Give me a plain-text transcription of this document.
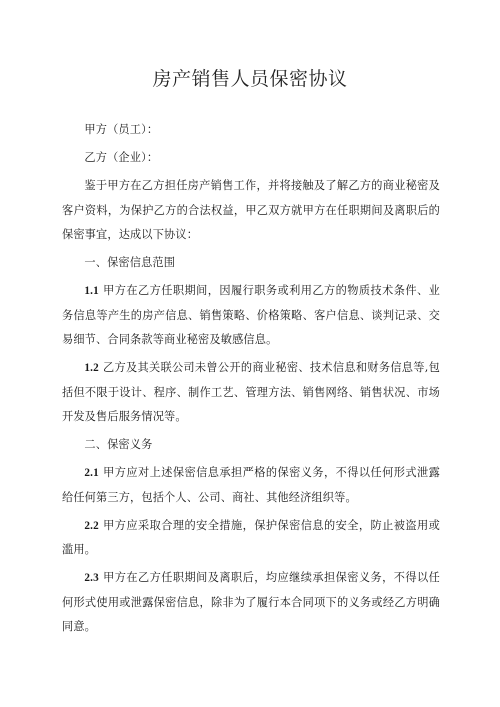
房产销售人员保密协议

甲方（员工）：

乙方（企业）：

鉴于甲方在乙方担任房产销售工作，并将接触及了解乙方的商业秘密及客户资料，为保护乙方的合法权益，甲乙双方就甲方在任职期间及离职后的保密事宜，达成以下协议：

一、保密信息范围

1.1 甲方在乙方任职期间，因履行职务或利用乙方的物质技术条件、业务信息等产生的房产信息、销售策略、价格策略、客户信息、谈判记录、交易细节、合同条款等商业秘密及敏感信息。

1.2 乙方及其关联公司未曾公开的商业秘密、技术信息和财务信息等,包括但不限于设计、程序、制作工艺、管理方法、销售网络、销售状况、市场开发及售后服务情况等。

二、保密义务

2.1 甲方应对上述保密信息承担严格的保密义务，不得以任何形式泄露给任何第三方，包括个人、公司、商社、其他经济组织等。

2.2 甲方应采取合理的安全措施，保护保密信息的安全，防止被盗用或滥用。

2.3 甲方在乙方任职期间及离职后，均应继续承担保密义务，不得以任何形式使用或泄露保密信息，除非为了履行本合同项下的义务或经乙方明确同意。
